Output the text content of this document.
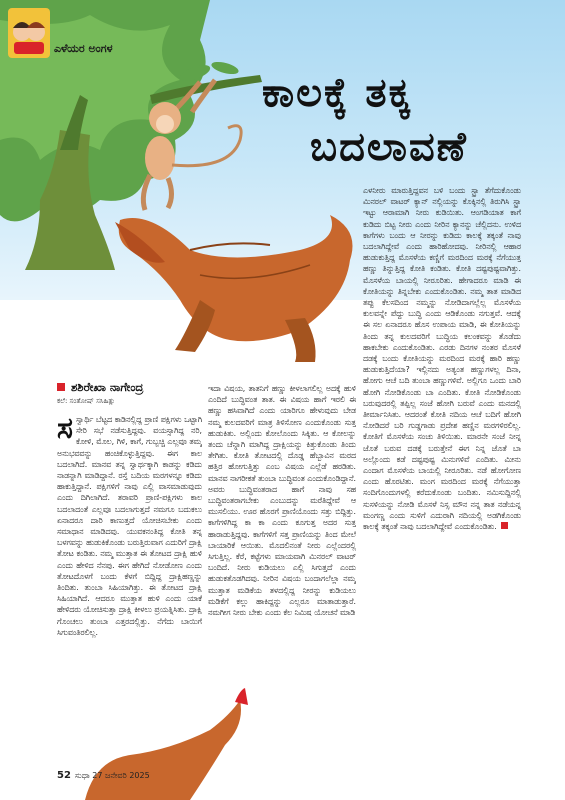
ಎಳೆಯರ ಅಂಗಳ
ಕಾಲಕ್ಕೆ ತಕ್ಕ
ಬದಲಾವಣೆ
ಶಶಿರೇಖಾ ನಾಗೇಂದ್ರ
ಕಲೆ: ಸಂತೋಷ್ ಸಸಿಹಿತ್ಲು
ಸ ಸ್ವಾರ್ಥಿ ಬೆಟ್ಟದ ಕಾಡಿನಲ್ಲಿದ್ದ ಪ್ರಾಣಿ ಪಕ್ಷಿಗಳು ಒಟ್ಟಾಗಿ ಸೇರಿ ಸಭೆ ನಡೆಸುತ್ತಿದ್ದವು. ವಯಸ್ಸಾಗಿದ್ದ ನರಿ, ಕೋಳಿ, ಮೊಲ, ಗಿಳಿ, ಕಾಗೆ, ಗುಬ್ಬಚ್ಚಿ ಎಲ್ಲವೂ ತಮ್ಮ ಅನುಭವವನ್ನು ಹಂಚಿಕೊಳ್ಳುತ್ತಿದ್ದವು. ಈಗ ಕಾಲ ಬದಲಾಗಿದೆ. ಮಾನವ ತನ್ನ ಸ್ವಾರ್ಥಕ್ಕಾಗಿ ಕಾಡನ್ನು ಕಡಿದು ನಾಡನ್ನಾಗಿ ಮಾಡಿದ್ದಾನೆ. ರಸ್ತೆ ಬದಿಯ ಮರಗಳನ್ನೂ ಕಡಿದು ಹಾಕುತ್ತಿದ್ದಾನೆ. ಪಕ್ಷಿಗಳಿಗೆ ನಾವು ಎಲ್ಲಿ ವಾಸಮಾಡುವುದು ಎಂದು ದಿಗಿಲಾಗಿದೆ. ತರಾವರಿ ಪ್ರಾಣಿ-ಪಕ್ಷಿಗಳು ಕಾಲ ಬದಲಾದಂತೆ ಎಲ್ಲವೂ ಬದಲಾಗುತ್ತದೆ ನಮಗೂ ಬದುಕಲು ಏನಾದರೂ ದಾರಿ ಕಾಣುತ್ತದೆ ಯೋಚಿಸಬೇಕು ಎಂದು ಸಮಾಧಾನ ಮಾಡಿದವು. ಯುವಕನಂತಿದ್ದ ಕೋತಿ ತನ್ನ ಬಳಗವನ್ನು ಹುಡುಕಿಕೊಂಡು ಬರುತ್ತಿರುವಾಗ ಎದುರಿಗೆ ದ್ರಾಕ್ಷಿ ತೋಟ ಕಂಡಿತು. ನಮ್ಮ ಮುತ್ತಾತ ಈ ತೋಟದ ದ್ರಾಕ್ಷಿ ಹುಳಿ ಎಂದು ಹೇಳಿದ ನೆನಪು. ಈಗ ಹೇಗಿದೆ ನೋಡೋಣ ಎಂದು ತೋಟದೊಳಗೆ ಬಂದು ಕೆಳಗೆ ಬಿದ್ದಿದ್ದ ದ್ರಾಕ್ಷಿಹಣ್ಣನ್ನು ತಿಂದಿತು. ತುಂಬಾ ಸಿಹಿಯಾಗಿತ್ತು. ಈ ತೋಟದ ದ್ರಾಕ್ಷಿ ಸಿಹಿಯಾಗಿದೆ. ಆದರೂ ಮುತ್ತಾತ ಹುಳಿ ಎಂದು ಯಾಕೆ ಹೇಳಿದರು ಯೋಚಿಸುತ್ತಾ ದ್ರಾಕ್ಷಿ ಕೀಳಲು ಪ್ರಯತ್ನಿಸಿತು. ದ್ರಾಕ್ಷಿ ಗೊಂಚಲು ತುಂಬಾ ಎತ್ತರದಲ್ಲಿತ್ತು. ನೆಗೆದು ಬಾಯಿಗೆ ಸಿಗುವಂತಿರಲಿಲ್ಲ.
ಇದಾ ವಿಷಯ, ತಾತನಿಗೆ ಹಣ್ಣು ಕೀಳಲಾಗಲಿಲ್ಲ ಅದಕ್ಕೆ ಹುಳಿ ಎಂದಿದೆ ಬುದ್ಧಿವಂತ ತಾತ. ಈ ವಿಷಯ ಹಾಗೆ ಇರಲಿ ಈ ಹಣ್ಣು ಹಸಿವಾಗಿದೆ ಎಂದು ಯಾರಿಗೂ ಹೇಳುವುದು ಬೇಡ ನಮ್ಮ ಕುಲದವರಿಗೆ ಮಾತ್ರ ತಿಳಿಸೋಣ ಎಂದುಕೊಂಡು ಸುತ್ತ ಹುಡುಕಿತು. ಅಲ್ಲಿಂದು ಕೋಲೊಂದು ಸಿಕ್ಕಿತು. ಆ ಕೋಲನ್ನು ತಂದು ಚೆನ್ನಾಗಿ ಮಾಗಿದ್ದ ದ್ರಾಕ್ಷಿಯನ್ನು ಕಿತ್ತುಕೊಂಡು ತಿಂದು ತೇಗಿತು. ಕೋತಿ ತೋಟದಲ್ಲಿ ದೊಡ್ಡ ಹೆಬ್ಬಾವಿನ ಮರದ ಹತ್ತಿರ ಹೋಗುತ್ತಿತ್ತು ಎಂಬ ವಿಷಯ ಎಲ್ಲೆಡೆ ಹರಡಿತು. ಮಾನವ ನಾಗರೀಕತೆ ತುಂಬಾ ಬುದ್ಧಿವಂತ ಎಂದುಕೊಂಡಿದ್ದಾನೆ. ಅವರು ಬುದ್ಧಿವಂತರಾದ ಹಾಗೆ ನಾವು ಸಹ ಬುದ್ಧಿವಂತರಾಗಬೇಕು ಎಂಬುದನ್ನು ಮರೆತಿದ್ದೇವೆ ಆ ಮುಸಲಿಯು. ಊರ ಹೊರಗೆ ಪ್ರಾಣಿಯೊಂದು ಸತ್ತು ಬಿದ್ದಿತ್ತು. ಕಾಗೆಗಳಿಗಿದ್ದ ಕಾ ಕಾ ಎಂದು ಕೂಗುತ್ತ ಅದರ ಸುತ್ತ ಹಾರಾಡುತ್ತಿದ್ದವು. ಕಾಗೆಗಳಿಗೆ ಸತ್ತ ಪ್ರಾಣಿಯನ್ನು ತಿಂದ ಮೇಲೆ ಬಾಯಾರಿಕೆ ಆಯಿತು. ಮೊದಲಿನಂತೆ ನೀರು ಎಲ್ಲೆಂದರಲ್ಲಿ ಸಿಗುತ್ತಿಲ್ಲ. ಕೆರೆ, ಕಟ್ಟೆಗಳು ಮಾಯವಾಗಿ ಮಿನರಲ್ ವಾಟರ್ ಬಂದಿದೆ. ನೀರು ಕುಡಿಯಲು ಎಲ್ಲಿ ಸಿಗುತ್ತದೆ ಎಂದು ಹುಡುಕತೊಡಗಿದವು. ನೀರಿನ ವಿಷಯ ಬಂದಾಗಲೆಲ್ಲಾ ನಮ್ಮ ಮುತ್ತಾತ ಮಡಿಕೆಯ ತಳದಲ್ಲಿದ್ದ ನೀರನ್ನು ಕುಡಿಯಲು ಮಡಿಕೆಗೆ ಕಲ್ಲು ಹಾಕಿದ್ದನ್ನು ಎಲ್ಲರೂ ಮಾತಾಡುತ್ತಾರೆ. ನಮಗೀಗ ನೀರು ಬೇಕು ಎಂದು ಕೆಲ ನಿಮಿಷ ಯೋಚನೆ ಮಾಡಿ
ಎಳನೀರು ಮಾರುತ್ತಿದ್ದವನ ಬಳಿ ಬಂದು ಸ್ಟ್ರಾ ತೆಗೆದುಕೊಂಡು ಮಿನರಲ್ ವಾಟರ್ ಕ್ಯಾನ್ ನಲ್ಲಿಯನ್ನು ಕೊಕ್ಕಿನಲ್ಲಿ ತಿರುಗಿಸಿ ಸ್ಟ್ರಾ ಇಟ್ಟು ಆರಾಮಾಗಿ ನೀರು ಕುಡಿಯಿತು. ಆಂಗಡಿಯಾತ ಕಾಗೆ ಕುಡಿದು ಬಿಟ್ಟ ನೀರು ಎಂದು ನೀರಿನ ಕ್ಯಾನನ್ನು ಚೆಲ್ಲಿದನು. ಉಳಿದ ಕಾಗೆಗಳು ಬಂದು ಆ ನೀರನ್ನು ಕುಡಿದು ಕಾಲಕ್ಕೆ ತಕ್ಕಂತೆ ನಾವು ಬದಲಾಗಿದ್ದೇವೆ ಎಂದು ಹಾರಿಹೋದವು. ನೀರಿನಲ್ಲಿ ಆಹಾರ ಹುಡುಕುತ್ತಿದ್ದ ಮೊಸಳೆಯ ಕಣ್ಣಿಗೆ ಮರದಿಂದ ಮರಕ್ಕೆ ನೆಗೆಯುತ್ತ ಹಣ್ಣು ತಿನ್ನುತ್ತಿದ್ದ ಕೋತಿ ಕಂಡಿತು. ಕೋತಿ ದಷ್ಟಪುಷ್ಟವಾಗಿತ್ತು. ಮೊಸಳೆಯ ಬಾಯಲ್ಲಿ ನೀರೂರಿತು. ಹೇಗಾದರೂ ಮಾಡಿ ಈ ಕೋತಿಯನ್ನು ತಿನ್ನಬೇಕು ಎಂದುಕೊಂಡಿತು. ನಮ್ಮ ತಾತ ಮಾಡಿದ ತಪ್ಪು ಕೆಲಸದಿಂದ ನಮ್ಮನ್ನು ನೋಡಿದಾಗಲ್ಲೆಲ್ಲ ಮೊಸಳೆಯ ಕುಲವನ್ನೇ ಪೆದ್ದು ಬುದ್ಧಿ ಎಂದು ಆಡಿಕೊಂಡು ನಗುತ್ತವೆ. ಆದಕ್ಕೆ ಈ ಸಲ ಏನಾದರೂ ಹೊಸ ಉಪಾಯ ಮಾಡಿ, ಈ ಕೋತಿಯನ್ನು ತಿಂದು ತನ್ನ ಕುಲದವರಿಗೆ ಬುದ್ಧಿಯ ಕಲಂಕವನ್ನು ತೊಡೆದು ಹಾಕಬೇಕು ಎಂದುಕೊಂಡಿತು. ಎರಡು ದಿನಗಳ ನಂತರ ಮೊಸಳೆ ದಡಕ್ಕೆ ಬಂದು ಕೋತಿಯನ್ನು ಮರದಿಂದ ಮರಕ್ಕೆ ಹಾರಿ ಹಣ್ಣು ಹುಡುಕುತ್ತಿದೆಯಾ? ಇಲ್ಲಿನದು ಅತ್ಯಂತ ಹಣ್ಣುಗಳಲ್ಲ ದಿನಾ, ಹೋಗು ಆಚೆ ಬದಿ ತುಂಬಾ ಹಣ್ಣುಗಳಿವೆ. ಅಲ್ಲಿಗೂ ಒಂದು ಬಾರಿ ಹೋಗಿ ನೋಡಿಕೊಂಡು ಬಾ ಎಂದಿತು. ಕೋತಿ ನೋಡಿಕೊಂಡು ಬರುವುದರಲ್ಲಿ ತಪ್ಪಿಲ್ಲ ಸಂಜೆ ಹೋಗಿ ಬರುವೆ ಎಂದು ಮನದಲ್ಲಿ ತೀರ್ಮಾನಿಸಿತು. ಆದರಂತೆ ಕೋತಿ ನದಿಯ ಆಚೆ ಬದಿಗೆ ಹೋಗಿ ನೋಡಿದರೆ ಬರಿ ಗುಡ್ಡಗಾಡು ಪ್ರದೇಶ ಹಣ್ಣಿನ ಮರಗಳಿರಲಿಲ್ಲ. ಕೋತಿಗೆ ಮೊಸಳೆಯ ಸಂಚು ತಿಳಿಯಿತು. ಮಾರನೇ ಸಂಜೆ ನೀನ್ನ ಜೊತೆ ಬರುವ ದಡಕ್ಕೆ ಬರುತ್ತೇನೆ ಈಗ ನಿನ್ನ ಜೊತೆ ಬಾ ಅಲ್ಲೊಂದು ಕಡೆ ದಷ್ಟಪುಷ್ಟ ಮಿನುಗಳಿವೆ ಎಂದಿತು. ಮೀನು ಎಂದಾಗ ಮೊಸಳೆಯ ಬಾಯಲ್ಲಿ ನೀರೂರಿತು. ನಡೆ ಹೋಗೋಣ ಎಂದು ಹೊರಟಿತು. ಮಂಗ ಮರದಿಂದ ಮರಕ್ಕೆ ನೆಗೆಯುತ್ತಾ ಸಂದಿಗೊಂದುಗಳಲ್ಲಿ ಕರೆದುಕೊಂಡು ಬಂದಿತು. ನಮಿಸುದ್ದಿನಲ್ಲಿ ಸುಸಳಿಯನ್ನು ನೋಡಿ ಮೊಸಳೆ ನಿಸ್ಸ ಮೌನ ನನ್ನ ತಾತ ನಡೆಯನ್ನ ಮಂಗಣ್ಣ ಎಂದು ಸುಳಿಗೆ ಎದುರಾಗಿ ನದಿಯಲ್ಲಿ ಅಡಗಿಕೊಂಡು ಕಾಲಕ್ಕೆ ತಕ್ಕಂತೆ ನಾವು ಬದಲಾಗಿದ್ದೇವೆ ಎಂದುಕೊಂಡಿತು.
52 ಸುಧಾ 27 ಜನೇವರಿ 2025
